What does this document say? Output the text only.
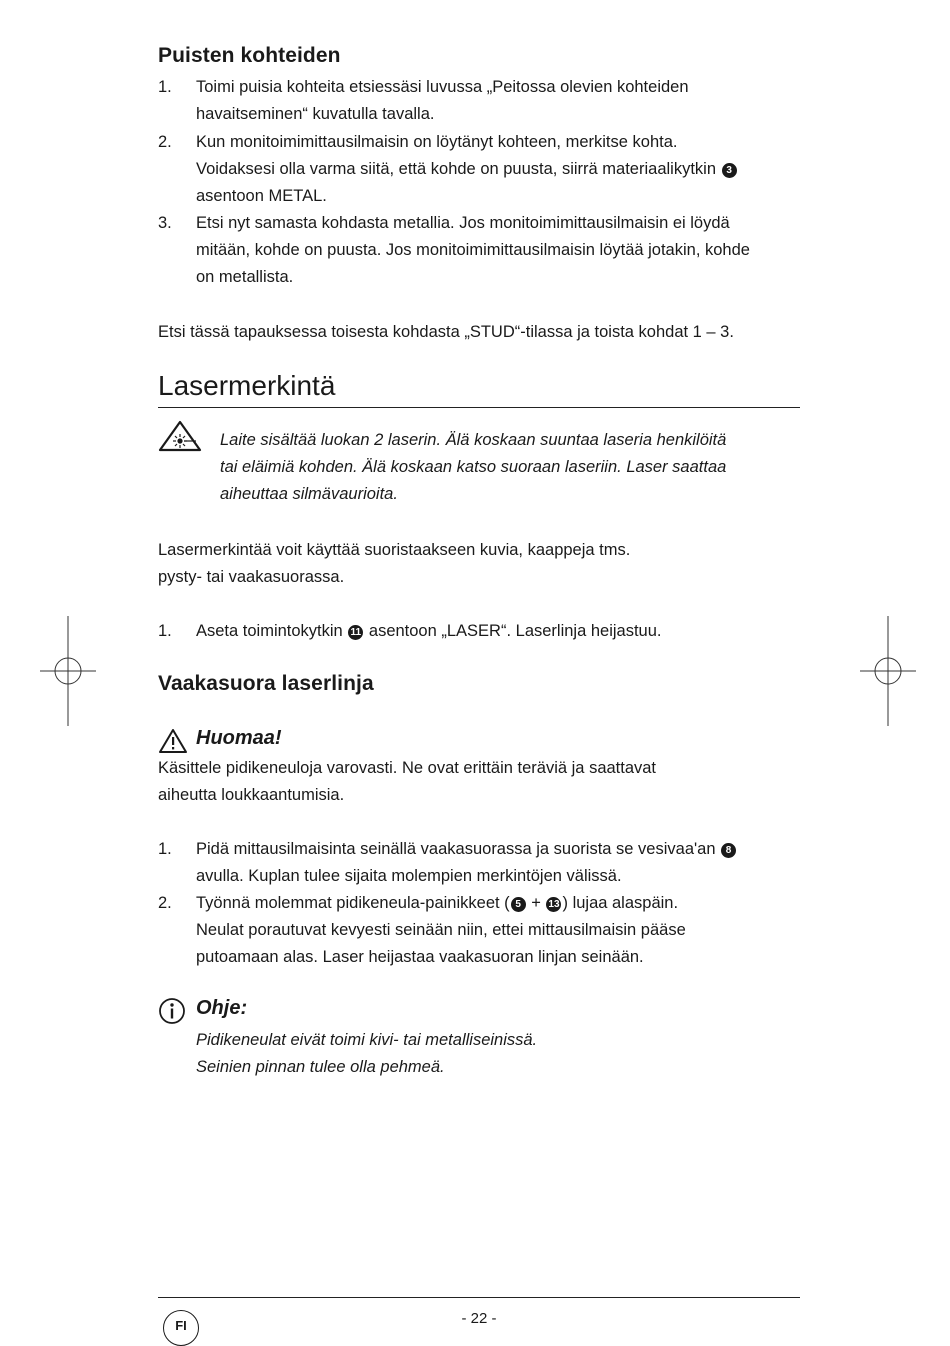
Puisten kohteiden
1. Toimi puisia kohteita etsiessäsi luvussa „Peitossa olevien kohteiden
havaitseminen“ kuvatulla tavalla.
2. Kun monitoimimittausilmaisin on löytänyt kohteen, merkitse kohta.
Voidaksesi olla varma siitä, että kohde on puusta, siirrä materiaalikytkin 3
asentoon METAL.
3. Etsi nyt samasta kohdasta metallia. Jos monitoimimittausilmaisin ei löydä
mitään, kohde on puusta. Jos monitoimimittausilmaisin löytää jotakin, kohde
on metallista.
Etsi tässä tapauksessa toisesta kohdasta „STUD“-tilassa ja toista kohdat 1 – 3.
Lasermerkintä
Laite sisältää luokan 2 laserin. Älä koskaan suuntaa laseria henkilöitä
tai eläimiä kohden. Älä koskaan katso suoraan laseriin. Laser saattaa
aiheuttaa silmävaurioita.
Lasermerkintää voit käyttää suoristaakseen kuvia, kaappeja tms.
pysty- tai vaakasuorassa.
1. Aseta toimintokytkin 11 asentoon „LASER“. Laserlinja heijastuu.
Vaakasuora laserlinja
Huomaa!
Käsittele pidikeneuloja varovasti. Ne ovat erittäin teräviä ja saattavat
aiheutta loukkaantumisia.
1. Pidä mittausilmaisinta seinällä vaakasuorassa ja suorista se vesivaa'an 8
avulla. Kuplan tulee sijaita molempien merkintöjen välissä.
2. Työnnä molemmat pidikeneula-painikkeet ( 5 + 13 ) lujaa alaspäin.
Neulat porautuvat kevyesti seinään niin, ettei mittausilmaisin pääse
putoamaan alas. Laser heijastaa vaakasuoran linjan seinään.
Ohje:
Pidikeneulat eivät toimi kivi- tai metalliseinissä.
Seinien pinnan tulee olla pehmeä.
- 22 -
FI
